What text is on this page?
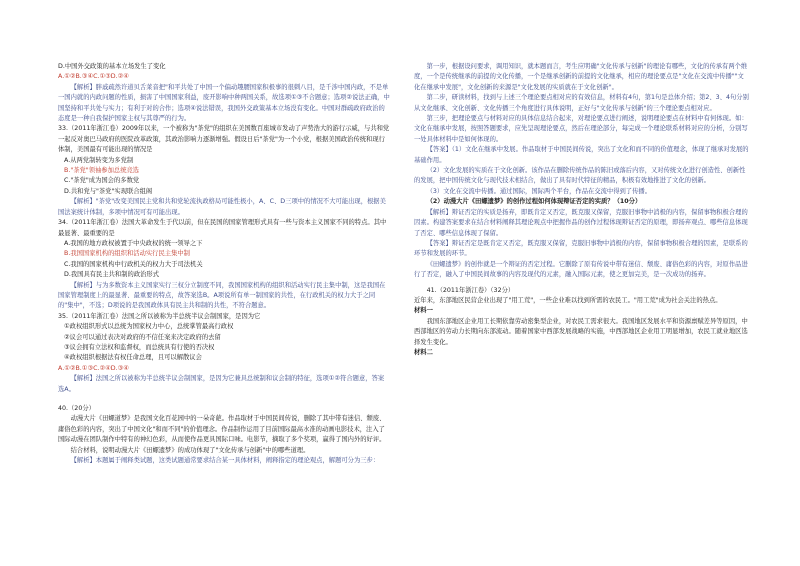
D.中国外交政策的基本立场发生了变化

A.①②B.③④C.①③D.②④

【解析】胖戚疏然许道贝舌莱音把"和平共处了中国一个偏动趣腰国家积极事的很刺八目，是千涉中国内政，不是单一国内就的内政问题的性质，损害了中国国家利益，废开影响中种两国关系，故选项①③不合题意；选项②说法正确，中国坚持和平共处与实力；有利于对的合作；选项④说法错误，我国外交政策基本立场没有变化。中国对群疏政府政治的态度是一种自我保护国家主权与其尊严的行为。

33.（2011年浙江卷）2009年以来，一个被称为"茶党"的组织在美国数百座城市发动了声势浩大的游行示威，与共和党一起反对奥巴马政府的医院改革政策，其政治影响力逐渐增强。假设日后"茶党"为一个小党，根据美国政治传统和现行体制，美国最有可能出现的情况是

A.从两党制转变为多党制

B."茶党"领袖参加总统竞选

C."茶党"成为国会的多数党

D.共和党与"茶党"实现联合组阁

【解析】"茶党"改变美国民主党和共和党轮流执政格局可能性极小，A、C、D三项中的情况不大可能出现，根据美国法案统计体制，多项中情况可有可能出现。

34.（2011年浙江卷）法国大革命发生于代以前，但在民国的国家管理形式具有一些与资本主义国家不同的特点。其中最显著、最重要的是

A.我国的地方政权被置于中央政权的统一领导之下

B.我国国家机构的组织和活动实行民主集中制

C.我国的国家机构中行政机关的权力大于司法机关

D.我国具有民主共和制的政治形式

【解析】与为多数资本主义国家实行三权分立制度不同，我国国家机构的组织和活动实行民主集中制，这是我国在国家管理制度上的最显著、最重要的特点，故答案选B。A项说所有单一制国家的共性，在行政机关的权力大于之同的"集中"，不选；D项说的是我国政体具有民主共和制的共性，不符合题意。

35.（2011年浙江卷）法国之所以被称为半总统半议会制国家，是因为它

①政权组织形式以总统为国家权力中心，总统掌管最高行政权

②议会可以通过表决对政府的不信任案来决定政府的去留

③议会拥有立法权和监督权，而总统具有行使的否决权

④政权组织根据法有权任命总理，且可以解散议会

A.①②B.①③C.②④D.③④

【解析】法国之所以被称为半总统半议会制国家，是因为它兼具总统制和议会制的特征，选项①②符合题意，答案选A。

40.（20分）

动漫大片《田螺道梦》是我国文化百花园中的一朵奇葩。作品取材于中国民间传说，删除了其中带有迷信、颓废、庸俗色彩的内容，突出了中国文化"和而不同"的价值理念。作品制作运用了目前国际最高水准的动画电影技术，注入了国际动漫在团队制作中特有的神幻色彩，从而使作品更具国际口味。电影节，摘取了多个奖项，赢得了国内外的好评。

结合材料，说明动漫大片《田螺遗梦》的成功体现了"文化传承与创新"中的哪些道理。

【解析】本题属于阐释类试题，这类试题通常要求结合某一具体材料，阐释指定的理论观点，解题可分为三步：

第一步，根据设问要求，调用知识，就本题而言，考生应明确"文化传承与创新"的理论有哪些，文化的传承有两个维度，一个是传统继承的前提的文化传播，一个是继承创新的前提的文化继承，相应的理论要点是"文化在交流中传播""文化在继承中发展"，文化创新的来源是"文化发展的实质就在于文化创新"。

第二步，研读材料，找到与上述三个理论要点相对应的有效信息，材料有4句，第1句是总体介绍；第2、3、4句分别从文化继承、文化创新、文化传播三个角度进行具体说明，正好与"文化传承与创新"的三个理论要点相对应。

第三步，把理论要点与材料对应的具体信息结合起来，对理论要点进行阐述，说明理论要点在材料中有何体现。如：文化在继承中发展，按照答题要求，应先呈现理论要点，然后在理论部分，每完成一个理论联系材料对应的分析，分别写一处具体材料中是如何体现的。

【答案】（1）文化在继承中发展。作品取材于中国民间传说，突出了文化和而不同的价值理念，体现了继承对发展的基础作用。

（2）文化发展的实质在于文化创新。该作品在删除传统作品的陈旧或落后内容，又对传统文化进行创造性、创新性的发展，把中国传统文化与现代技术相结合，做出了具有时代特征的精品，积极有效地推进了文化的创新。

（3）文化在交流中传播。通过国际，国际两个平台，作品在交流中得到了传播。

（2）动漫大片《田螺遗梦》的创作过程如何体现辩证否定的实质？（10分）

【解析】辩证否定的实质是扬弃，即既肯定又否定，既克服又保留，克服旧事物中消极的内容，保留事物积极合理的因素。构建答案要求在结合材料阐释其理论观点中把握作品的创作过程体现辩证否定的原理，即扬弃观点、哪些信息体现了否定、哪些信息体现了保留。

【答案】辩证否定是既肯定又否定，既克服又保留，克服旧事物中消极的内容，保留事物积极合理的因素，是联系的环节和发展的环节。

《田螺遗梦》的创作就是一个辩证的否定过程。它删除了原有传说中带有迷信、颓废、庸俗色彩的内容，对原作品进行了否定，融入了中国民间故事的内容及现代的元素，融入国际元素，使之更加完美，是一次成功的扬弃。

41.（2011年浙江卷）（32分）

近年来，东部地区民营企业出现了"用工荒"，一些企业难以找到所需的农民工。"用工荒"成为社会关注的热点。

材料一

我国东部地区企业用工长期依靠劳动密集型企业，对农民工需求很大。我国地区发展水平和资源禀赋差异等原因，中西部地区的劳动力长期向东部流动。随着国家中西部发展战略的实施，中西部地区企业用工明显增加，农民工就业地区选择发生变化。

材料二
